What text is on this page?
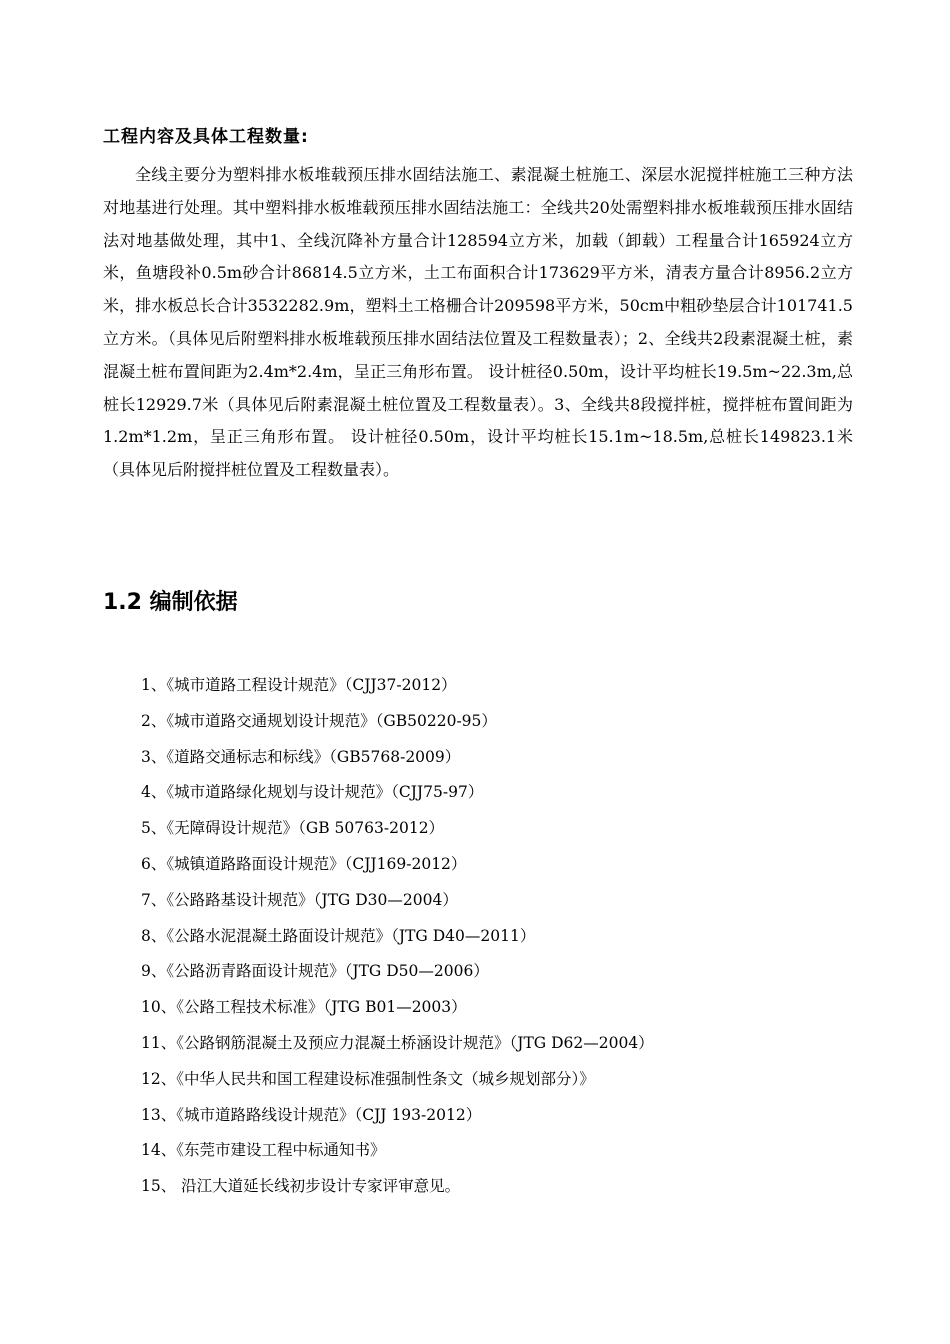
工程内容及具体工程数量:

全线主要分为塑料排水板堆载预压排水固结法施工、素混凝土桩施工、深层水泥搅拌桩施工三种方法对地基进行处理。其中塑料排水板堆载预压排水固结法施工：全线共20处需塑料排水板堆载预压排水固结法对地基做处理，其中1、全线沉降补方量合计128594立方米，加载（卸载）工程量合计165924立方米，鱼塘段补0.5m砂合计86814.5立方米，土工布面积合计173629平方米，清表方量合计8956.2立方米，排水板总长合计3532282.9m，塑料土工格栅合计209598平方米，50cm中粗砂垫层合计101741.5立方米。（具体见后附塑料排水板堆载预压排水固结法位置及工程数量表）；2、全线共2段素混凝土桩，素混凝土桩布置间距为2.4m*2.4m，呈正三角形布置。 设计桩径0.50m，设计平均桩长19.5m~22.3m,总桩长12929.7米（具体见后附素混凝土桩位置及工程数量表）。3、全线共8段搅拌桩，搅拌桩布置间距为1.2m*1.2m，呈正三角形布置。 设计桩径0.50m，设计平均桩长15.1m~18.5m,总桩长149823.1米（具体见后附搅拌桩位置及工程数量表）。

1.2 编制依据
1、《城市道路工程设计规范》（CJJ37-2012）
2、《城市道路交通规划设计规范》（GB50220-95）
3、《道路交通标志和标线》（GB5768-2009）
4、《城市道路绿化规划与设计规范》（CJJ75-97）
5、《无障碍设计规范》（GB 50763-2012）
6、《城镇道路路面设计规范》（CJJ169-2012）
7、《公路路基设计规范》（JTG D30—2004）
8、《公路水泥混凝土路面设计规范》（JTG D40—2011）
9、《公路沥青路面设计规范》（JTG D50—2006）
10、《公路工程技术标准》（JTG B01—2003）
11、《公路钢筋混凝土及预应力混凝土桥涵设计规范》（JTG D62—2004）
12、《中华人民共和国工程建设标准强制性条文（城乡规划部分）》
13、《城市道路路线设计规范》（CJJ 193-2012）
14、《东莞市建设工程中标通知书》
15、 沿江大道延长线初步设计专家评审意见。
